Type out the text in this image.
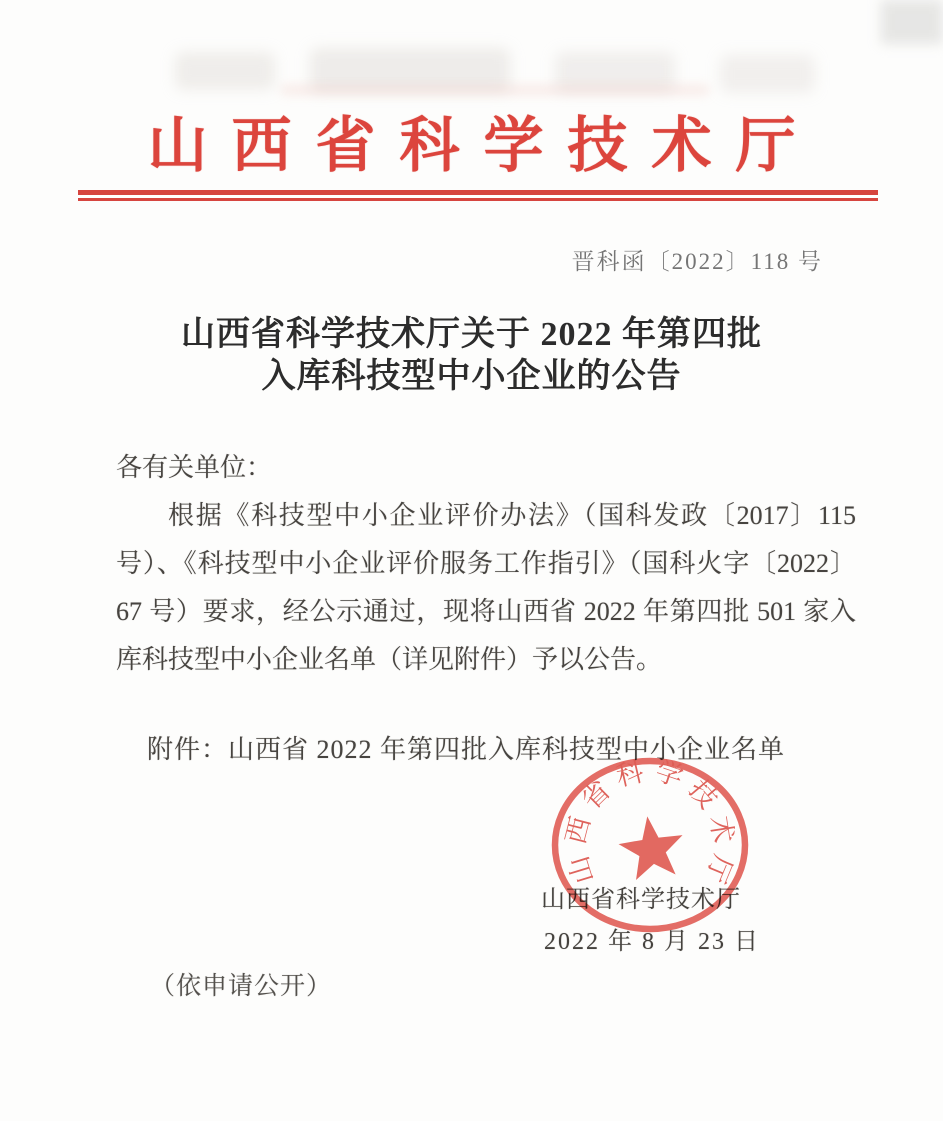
山西省科学技术厅
晋科函〔2022〕118 号
山西省科学技术厅关于 2022 年第四批
入库科技型中小企业的公告
各有关单位：
根据《科技型中小企业评价办法》（国科发政〔2017〕115
号）、《科技型中小企业评价服务工作指引》（国科火字〔2022〕
67 号）要求，经公示通过，现将山西省 2022 年第四批 501 家入
库科技型中小企业名单（详见附件）予以公告。
附件：山西省 2022 年第四批入库科技型中小企业名单
山西省科学技术厅
2022 年 8 月 23 日
山西省科学技术厅
（依申请公开）
